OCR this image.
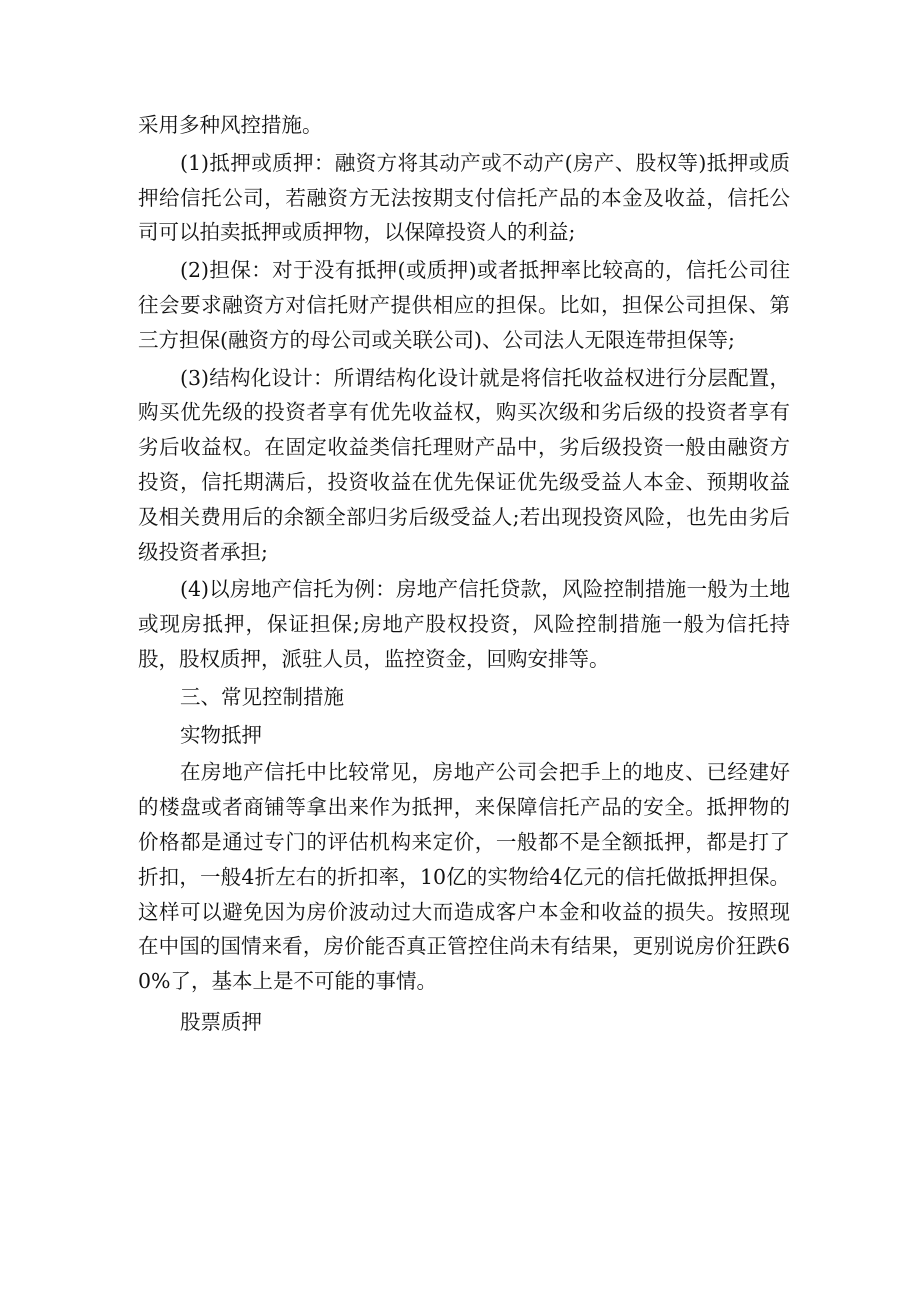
采用多种风控措施。

(1)抵押或质押：融资方将其动产或不动产(房产、股权等)抵押或质押给信托公司，若融资方无法按期支付信托产品的本金及收益，信托公司可以拍卖抵押或质押物，以保障投资人的利益;

(2)担保：对于没有抵押(或质押)或者抵押率比较高的，信托公司往往会要求融资方对信托财产提供相应的担保。比如，担保公司担保、第三方担保(融资方的母公司或关联公司)、公司法人无限连带担保等;

(3)结构化设计：所谓结构化设计就是将信托收益权进行分层配置，购买优先级的投资者享有优先收益权，购买次级和劣后级的投资者享有劣后收益权。在固定收益类信托理财产品中，劣后级投资一般由融资方投资，信托期满后，投资收益在优先保证优先级受益人本金、预期收益及相关费用后的余额全部归劣后级受益人;若出现投资风险，也先由劣后级投资者承担;

(4)以房地产信托为例：房地产信托贷款，风险控制措施一般为土地或现房抵押，保证担保;房地产股权投资，风险控制措施一般为信托持股，股权质押，派驻人员，监控资金，回购安排等。

三、常见控制措施

实物抵押

在房地产信托中比较常见，房地产公司会把手上的地皮、已经建好的楼盘或者商铺等拿出来作为抵押，来保障信托产品的安全。抵押物的价格都是通过专门的评估机构来定价，一般都不是全额抵押，都是打了折扣，一般4折左右的折扣率，10亿的实物给4亿元的信托做抵押担保。这样可以避免因为房价波动过大而造成客户本金和收益的损失。按照现在中国的国情来看，房价能否真正管控住尚未有结果，更别说房价狂跌60%了，基本上是不可能的事情。

股票质押
